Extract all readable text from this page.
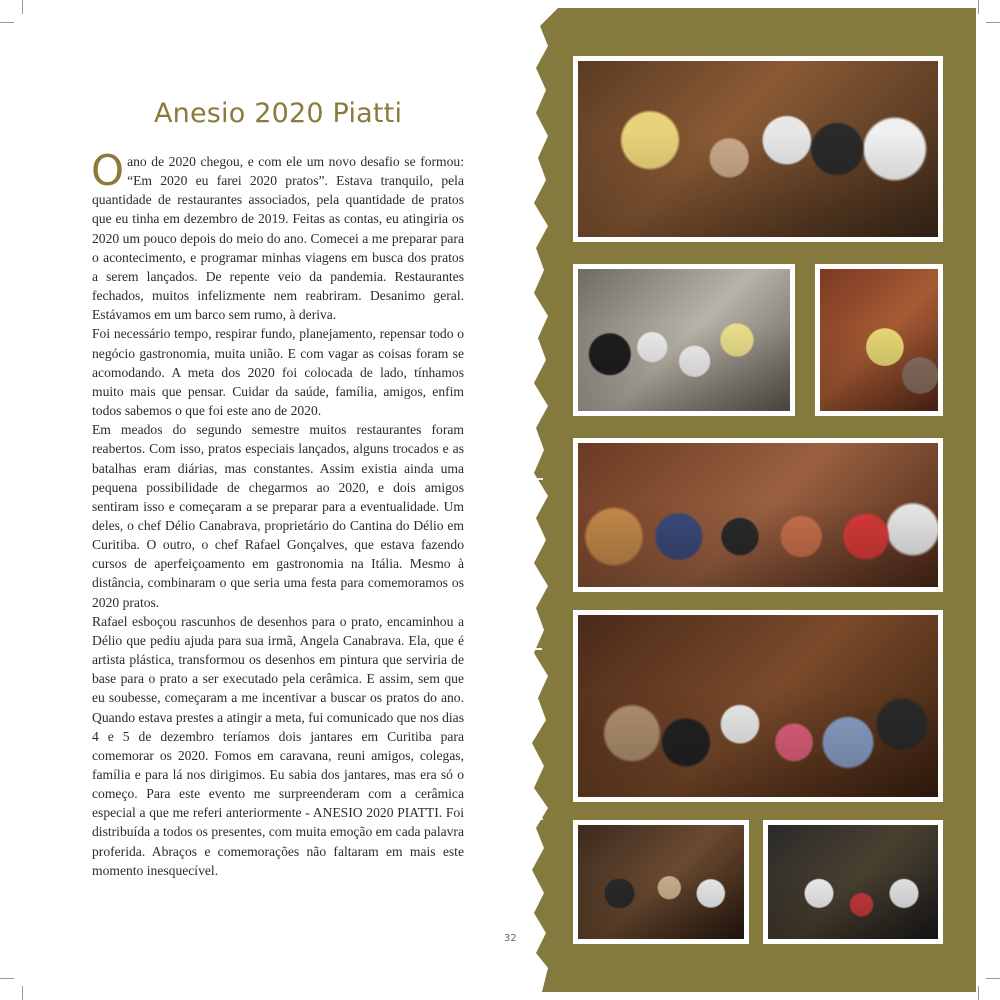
Anesio 2020 Piatti

Oano de 2020 chegou, e com ele um novo desafio se formou: “Em 2020 eu farei 2020 pratos”. Estava tranquilo, pela quantidade de restaurantes associados, pela quantidade de pratos que eu tinha em dezembro de 2019. Feitas as contas, eu atingiria os 2020 um pouco depois do meio do ano. Comecei a me preparar para o acontecimento, e programar minhas viagens em busca dos pratos a serem lançados. De repente veio da pandemia. Restaurantes fechados, muitos infelizmente nem reabriram. Desanimo geral. Estávamos em um barco sem rumo, à deriva.

Foi necessário tempo, respirar fundo, planejamento, repensar todo o negócio gastronomia, muita união. E com vagar as coisas foram se acomodando. A meta dos 2020 foi colocada de lado, tínhamos muito mais que pensar. Cuidar da saúde, família, amigos, enfim todos sabemos o que foi este ano de 2020.

Em meados do segundo semestre muitos restaurantes foram reabertos. Com isso, pratos especiais lançados, alguns trocados e as batalhas eram diárias, mas constantes. Assim existia ainda uma pequena possibilidade de chegarmos ao 2020, e dois amigos sentiram isso e começaram a se preparar para a eventualidade. Um deles, o chef Délio Canabrava, proprietário do Cantina do Délio em Curitiba. O outro, o chef Rafael Gonçalves, que estava fazendo cursos de aperfeiçoamento em gastronomia na Itália. Mesmo à distância, combinaram o que seria uma festa para comemoramos os 2020 pratos.

Rafael esboçou rascunhos de desenhos para o prato, encaminhou a Délio que pediu ajuda para sua irmã, Angela Canabrava. Ela, que é artista plástica, transformou os desenhos em pintura que serviria de base para o prato a ser executado pela cerâmica. E assim, sem que eu soubesse, começaram a me incentivar a buscar os pratos do ano. Quando estava prestes a atingir a meta, fui comunicado que nos dias 4 e 5 de dezembro teríamos dois jantares em Curitiba para comemorar os 2020. Fomos em caravana, reuni amigos, colegas, família e para lá nos dirigimos. Eu sabia dos jantares, mas era só o começo. Para este evento me surpreenderam com a cerâmica especial a que me referi anteriormente - ANESIO 2020 PIATTI. Foi distribuída a todos os presentes, com muita emoção em cada palavra proferida. Abraços e comemorações não faltaram em mais este momento inesquecível.

32
